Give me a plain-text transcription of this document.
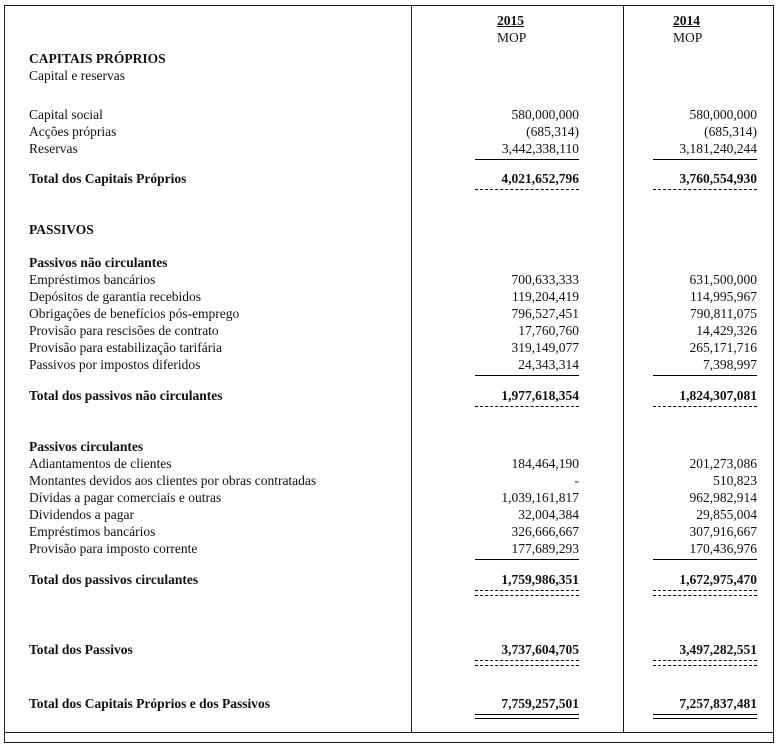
2015	2014
MOP	MOP
CAPITAIS PRÓPRIOS
Capital e reservas
Capital social	580,000,000	580,000,000
Acções próprias	(685,314)	(685,314)
Reservas	3,442,338,110	3,181,240,244
Total dos Capitais Próprios	4,021,652,796	3,760,554,930
PASSIVOS
Passivos não circulantes
Empréstimos bancários	700,633,333	631,500,000
Depósitos de garantia recebidos	119,204,419	114,995,967
Obrigações de benefícios pós-emprego	796,527,451	790,811,075
Provisão para rescisões de contrato	17,760,760	14,429,326
Provisão para estabilização tarifária	319,149,077	265,171,716
Passivos por impostos diferidos	24,343,314	7,398,997
Total dos passivos não circulantes	1,977,618,354	1,824,307,081
Passivos circulantes
Adiantamentos de clientes	184,464,190	201,273,086
Montantes devidos aos clientes por obras contratadas	-	510,823
Dívidas a pagar comerciais e outras	1,039,161,817	962,982,914
Dividendos a pagar	32,004,384	29,855,004
Empréstimos bancários	326,666,667	307,916,667
Provisão para imposto corrente	177,689,293	170,436,976
Total dos passivos circulantes	1,759,986,351	1,672,975,470
Total dos Passivos	3,737,604,705	3,497,282,551
Total dos Capitais Próprios e dos Passivos	7,759,257,501	7,257,837,481
